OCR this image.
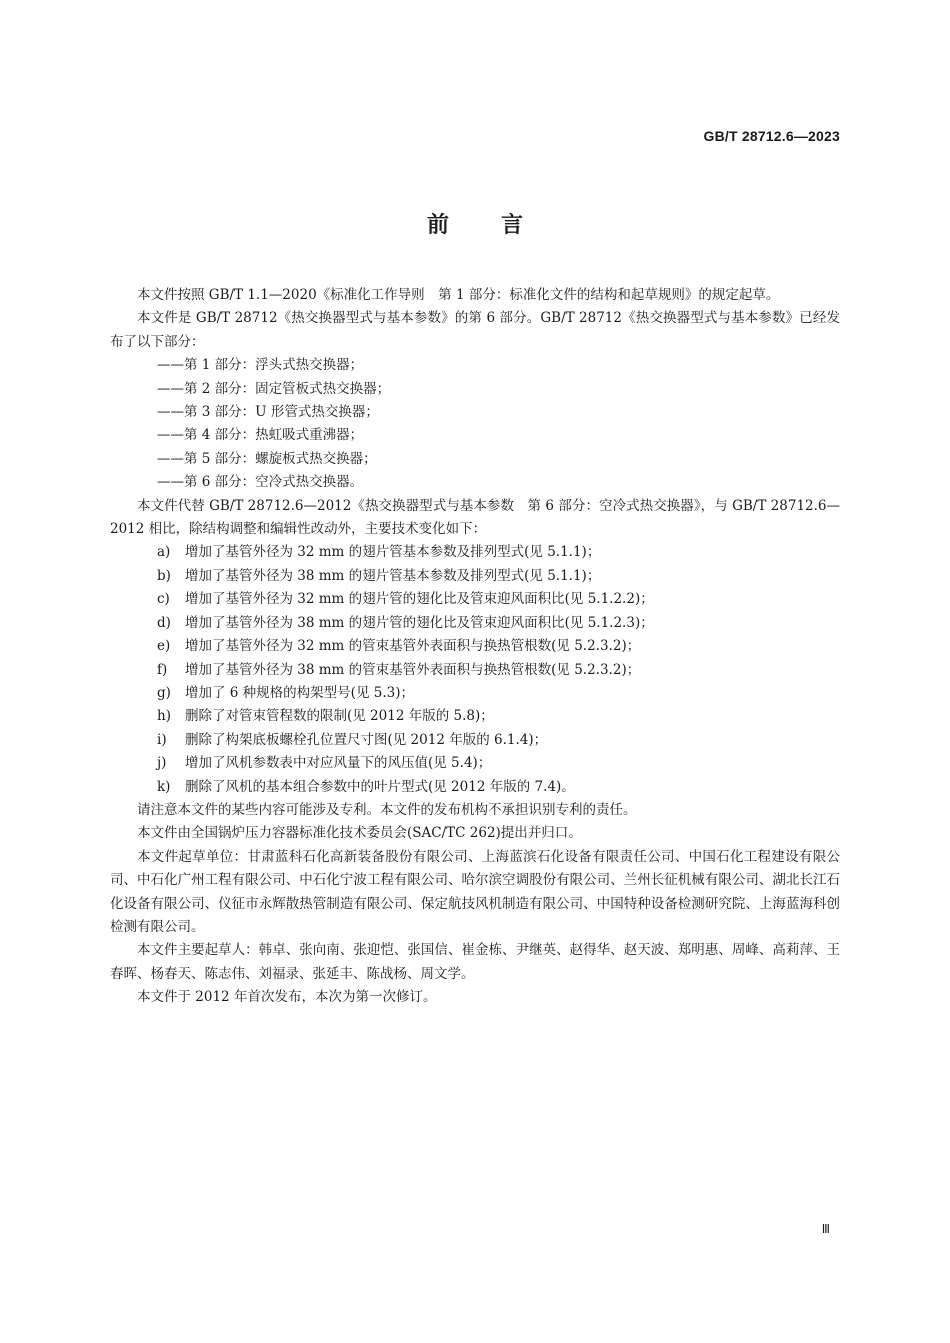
GB/T 28712.6—2023
前言

本文件按照 GB/T 1.1—2020《标准化工作导则　第 1 部分：标准化文件的结构和起草规则》的规定起草。

本文件是 GB/T 28712《热交换器型式与基本参数》的第 6 部分。GB/T 28712《热交换器型式与基本参数》已经发布了以下部分：

——第 1 部分：浮头式热交换器；

——第 2 部分：固定管板式热交换器；

——第 3 部分：U 形管式热交换器；

——第 4 部分：热虹吸式重沸器；

——第 5 部分：螺旋板式热交换器；

——第 6 部分：空冷式热交换器。

本文件代替 GB/T 28712.6—2012《热交换器型式与基本参数　第 6 部分：空冷式热交换器》，与 GB/T 28712.6—2012 相比，除结构调整和编辑性改动外，主要技术变化如下：

a) 增加了基管外径为 32 mm 的翅片管基本参数及排列型式(见 5.1.1)；

b) 增加了基管外径为 38 mm 的翅片管基本参数及排列型式(见 5.1.1)；

c) 增加了基管外径为 32 mm 的翅片管的翅化比及管束迎风面积比(见 5.1.2.2)；

d) 增加了基管外径为 38 mm 的翅片管的翅化比及管束迎风面积比(见 5.1.2.3)；

e) 增加了基管外径为 32 mm 的管束基管外表面积与换热管根数(见 5.2.3.2)；

f) 增加了基管外径为 38 mm 的管束基管外表面积与换热管根数(见 5.2.3.2)；

g) 增加了 6 种规格的构架型号(见 5.3)；

h) 删除了对管束管程数的限制(见 2012 年版的 5.8)；

i) 删除了构架底板螺栓孔位置尺寸图(见 2012 年版的 6.1.4)；

j) 增加了风机参数表中对应风量下的风压值(见 5.4)；

k) 删除了风机的基本组合参数中的叶片型式(见 2012 年版的 7.4)。

请注意本文件的某些内容可能涉及专利。本文件的发布机构不承担识别专利的责任。

本文件由全国锅炉压力容器标准化技术委员会(SAC/TC 262)提出并归口。

本文件起草单位：甘肃蓝科石化高新装备股份有限公司、上海蓝滨石化设备有限责任公司、中国石化工程建设有限公司、中石化广州工程有限公司、中石化宁波工程有限公司、哈尔滨空调股份有限公司、兰州长征机械有限公司、湖北长江石化设备有限公司、仪征市永辉散热管制造有限公司、保定航技风机制造有限公司、中国特种设备检测研究院、上海蓝海科创检测有限公司。

本文件主要起草人：韩卓、张向南、张迎恺、张国信、崔金栋、尹继英、赵得华、赵天波、郑明惠、周峰、高莉萍、王春晖、杨春天、陈志伟、刘福录、张延丰、陈战杨、周文学。

本文件于 2012 年首次发布，本次为第一次修订。

Ⅲ
